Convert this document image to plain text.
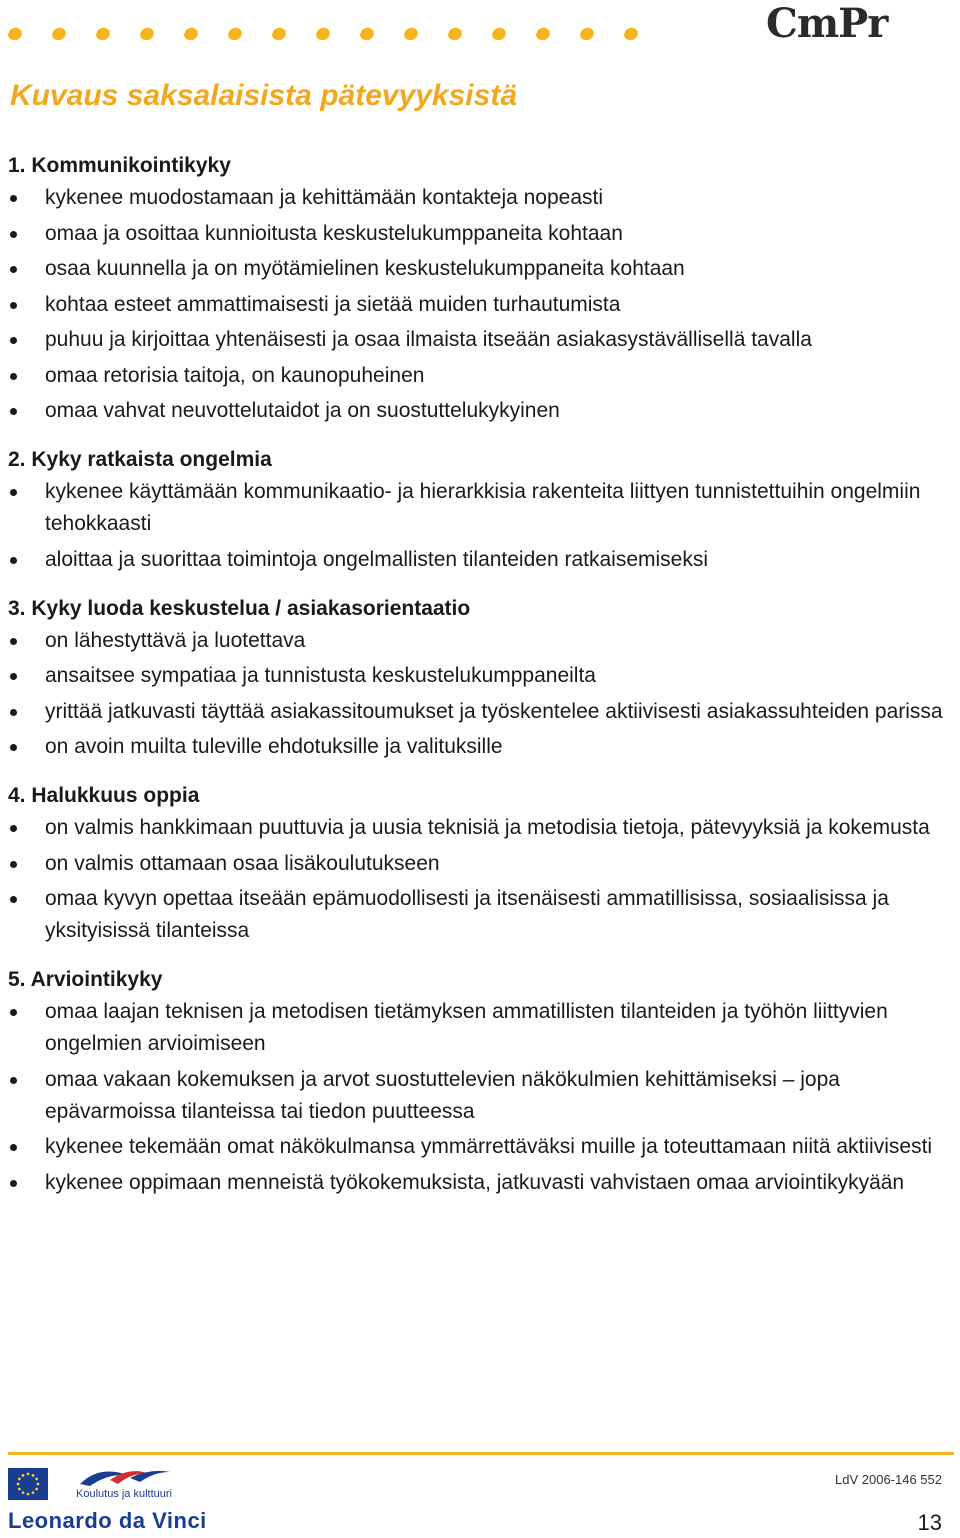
CmPr
Kuvaus saksalaisista pätevyyksistä

1. Kommunikointikyky

kykenee muodostamaan ja kehittämään kontakteja nopeasti
omaa ja osoittaa kunnioitusta keskustelukumppaneita kohtaan
osaa kuunnella ja on myötämielinen keskustelukumppaneita kohtaan
kohtaa esteet ammattimaisesti ja sietää muiden turhautumista
puhuu ja kirjoittaa yhtenäisesti ja osaa ilmaista itseään asiakasystävällisellä tavalla
omaa retorisia taitoja, on kaunopuheinen
omaa vahvat neuvottelutaidot ja on suostuttelukykyinen

2. Kyky ratkaista ongelmia

kykenee käyttämään kommunikaatio- ja hierarkkisia rakenteita liittyen tunnistettuihin ongelmiin tehokkaasti
aloittaa ja suorittaa toimintoja ongelmallisten tilanteiden ratkaisemiseksi

3. Kyky luoda keskustelua / asiakasorientaatio

on lähestyttävä ja luotettava
ansaitsee sympatiaa ja tunnistusta keskustelukumppaneilta
yrittää jatkuvasti täyttää asiakassitoumukset ja työskentelee aktiivisesti asiakassuhteiden parissa
on avoin muilta tuleville ehdotuksille ja valituksille

4. Halukkuus oppia

on valmis hankkimaan puuttuvia ja uusia teknisiä ja metodisia tietoja, pätevyyksiä ja kokemusta
on valmis ottamaan osaa lisäkoulutukseen
omaa kyvyn opettaa itseään epämuodollisesti ja itsenäisesti ammatillisissa, sosiaalisissa ja yksityisissä tilanteissa

5. Arviointikyky

omaa laajan teknisen ja metodisen tietämyksen ammatillisten tilanteiden ja työhön liittyvien ongelmien arvioimiseen
omaa vakaan kokemuksen ja arvot suostuttelevien näkökulmien kehittämiseksi – jopa epävarmoissa tilanteissa tai tiedon puutteessa
kykenee tekemään omat näkökulmansa ymmärrettäväksi muille ja toteuttamaan niitä aktiivisesti
kykenee oppimaan menneistä työkokemuksista, jatkuvasti vahvistaen omaa arviointikykyään
Koulutus ja kulttuuri
Leonardo da Vinci
LdV 2006-146 552
13
